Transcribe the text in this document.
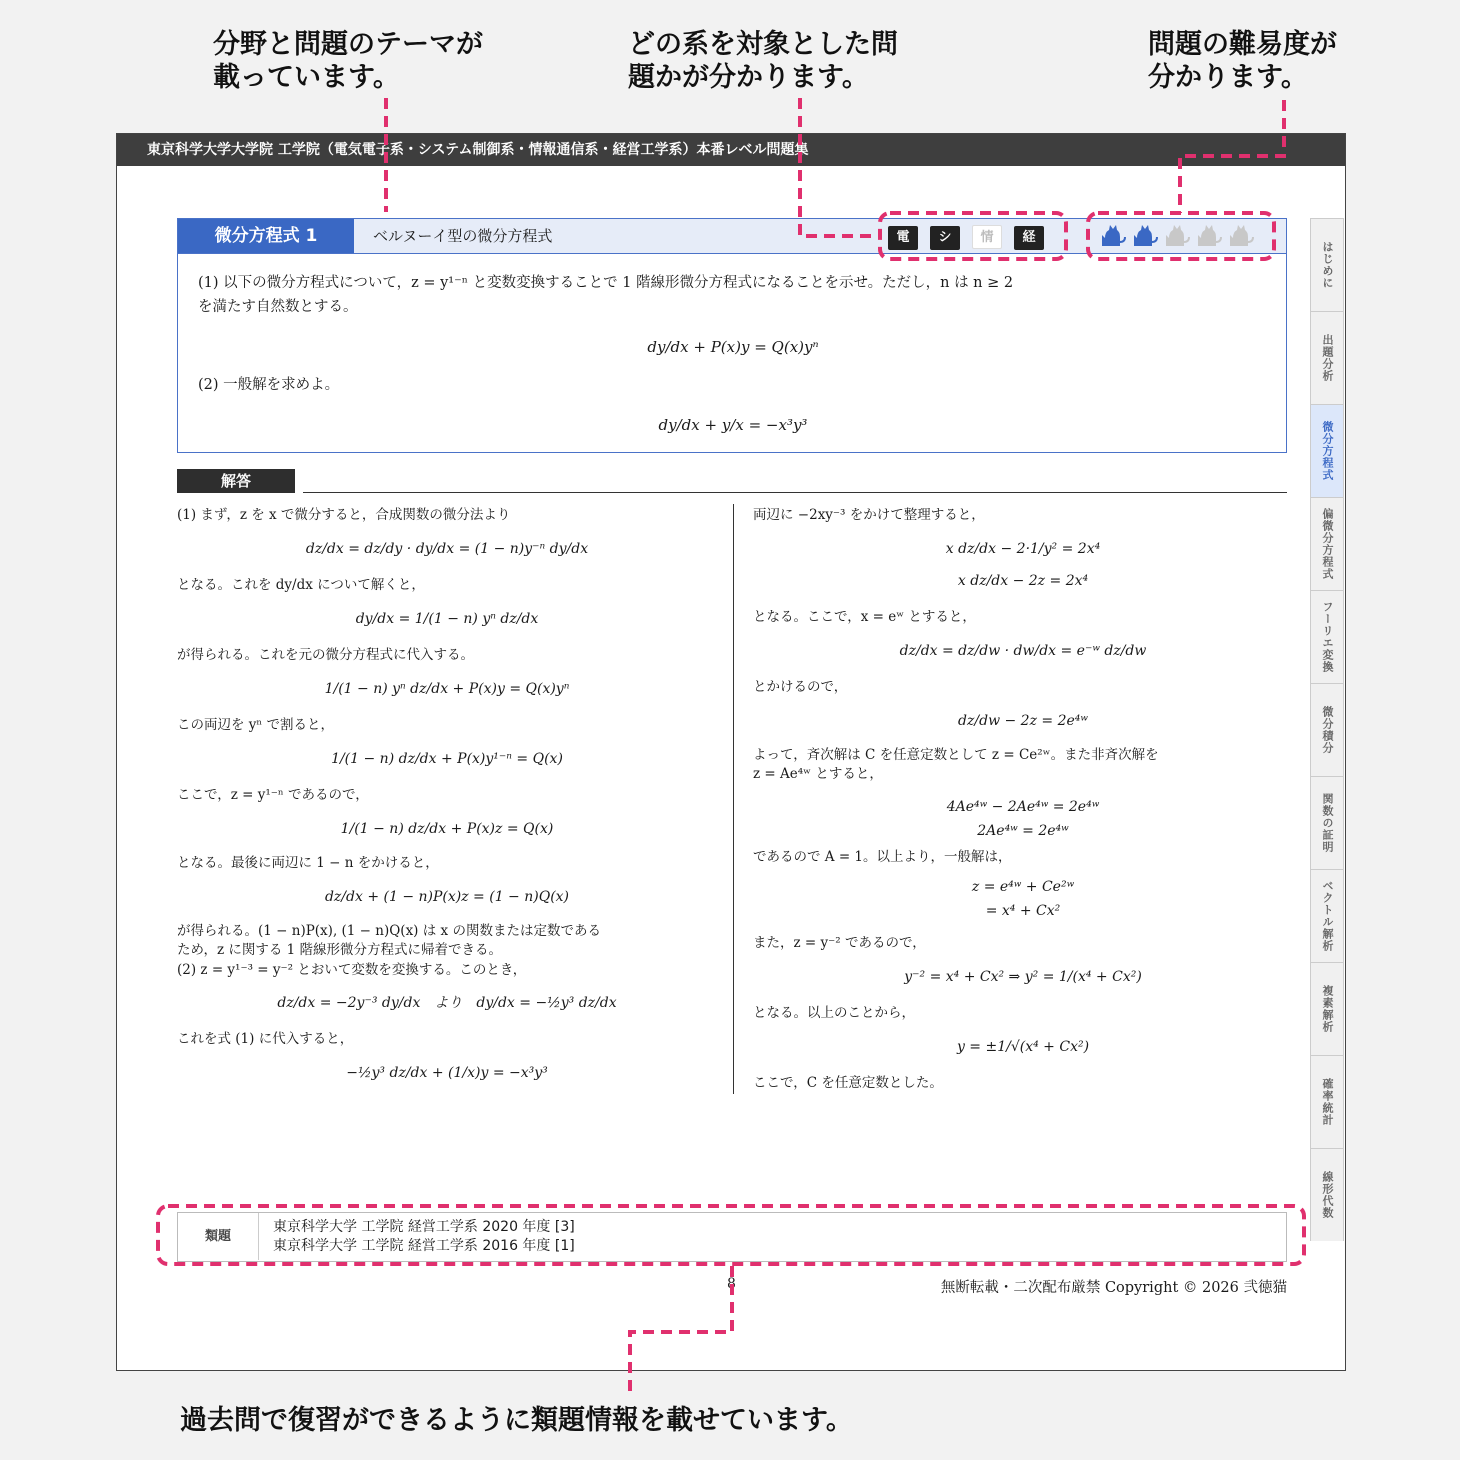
分野と問題のテーマが
載っています。
どの系を対象とした問
題かが分かります。
問題の難易度が
分かります。
過去問で復習ができるように類題情報を載せています。
東京科学大学大学院 工学院（電気電子系・システム制御系・情報通信系・経営工学系）本番レベル問題集
微分方程式 1	ベルヌーイ型の微分方程式	電 シ 情 経
(1) 以下の微分方程式について，z = y¹⁻ⁿ と変数変換することで 1 階線形微分方程式になることを示せ。ただし，n は n ≥ 2
を満たす自然数とする。
dy/dx + P(x)y = Q(x)yⁿ
(2) 一般解を求めよ。
dy/dx + y/x = −x³y³
解答
(1) まず，z を x で微分すると，合成関数の微分法より
dz/dx = dz/dy · dy/dx = (1 − n)y⁻ⁿ dy/dx
となる。これを dy/dx について解くと，
dy/dx = 1/(1 − n) yⁿ dz/dx
が得られる。これを元の微分方程式に代入する。
1/(1 − n) yⁿ dz/dx + P(x)y = Q(x)yⁿ
この両辺を yⁿ で割ると，
1/(1 − n) dz/dx + P(x)y¹⁻ⁿ = Q(x)
ここで，z = y¹⁻ⁿ であるので，
1/(1 − n) dz/dx + P(x)z = Q(x)
となる。最後に両辺に 1 − n をかけると，
dz/dx + (1 − n)P(x)z = (1 − n)Q(x)
が得られる。(1 − n)P(x), (1 − n)Q(x) は x の関数または定数である
ため，z に関する 1 階線形微分方程式に帰着できる。
(2) z = y¹⁻³ = y⁻² とおいて変数を変換する。このとき，
dz/dx = −2y⁻³ dy/dx　より　dy/dx = −½y³ dz/dx
これを式 (1) に代入すると，
−½y³ dz/dx + (1/x)y = −x³y³
両辺に −2xy⁻³ をかけて整理すると，
x dz/dx − 2·1/y² = 2x⁴
x dz/dx − 2z = 2x⁴
となる。ここで，x = eʷ とすると，
dz/dx = dz/dw · dw/dx = e⁻ʷ dz/dw
とかけるので，
dz/dw − 2z = 2e⁴ʷ
よって，斉次解は C を任意定数として z = Ce²ʷ。また非斉次解を
z = Ae⁴ʷ とすると，
4Ae⁴ʷ − 2Ae⁴ʷ = 2e⁴ʷ
2Ae⁴ʷ = 2e⁴ʷ
であるので A = 1。以上より，一般解は，
z = e⁴ʷ + Ce²ʷ
= x⁴ + Cx²
また，z = y⁻² であるので，
y⁻² = x⁴ + Cx² ⇒ y² = 1/(x⁴ + Cx²)
となる。以上のことから，
y = ±1/√(x⁴ + Cx²)
ここで，C を任意定数とした。
類題
東京科学大学 工学院 経営工学系 2020 年度 [3]
東京科学大学 工学院 経営工学系 2016 年度 [1]
8	無断転載・二次配布厳禁 Copyright © 2026 弐徳猫
はじめに
出題分析
微分方程式
偏微分方程式
フーリエ変換
微分積分
関数の証明
ベクトル解析
複素解析
確率統計
線形代数
